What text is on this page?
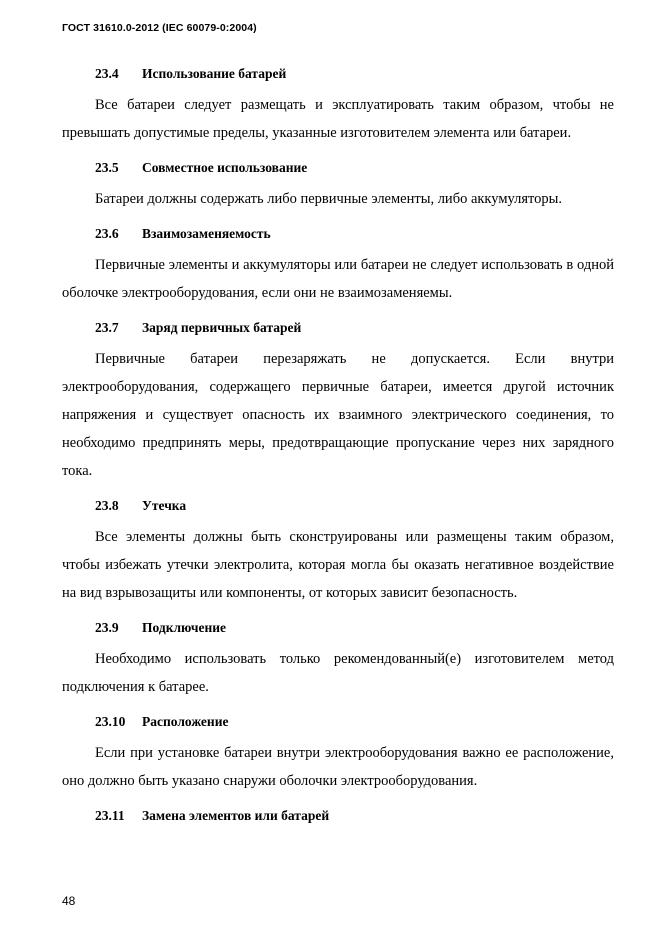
ГОСТ 31610.0-2012 (IEC 60079-0:2004)
23.4 Использование батарей

Все батареи следует размещать и эксплуатировать таким образом, чтобы не превышать допустимые пределы, указанные изготовителем элемента или батареи.

23.5 Совместное использование

Батареи должны содержать либо первичные элементы, либо аккумуляторы.

23.6 Взаимозаменяемость

Первичные элементы и аккумуляторы или батареи не следует использовать в одной оболочке электрооборудования, если они не взаимозаменяемы.

23.7 Заряд первичных батарей

Первичные батареи перезаряжать не допускается. Если внутри электрооборудования, содержащего первичные батареи, имеется другой источник напряжения и существует опасность их взаимного электрического соединения, то необходимо предпринять меры, предотвращающие пропускание через них зарядного тока.

23.8 Утечка

Все элементы должны быть сконструированы или размещены таким образом, чтобы избежать утечки электролита, которая могла бы оказать негативное воздействие на вид взрывозащиты или компоненты, от которых зависит безопасность.

23.9 Подключение

Необходимо использовать только рекомендованный(е) изготовителем метод подключения к батарее.

23.10 Расположение

Если при установке батареи внутри электрооборудования важно ее расположение, оно должно быть указано снаружи оболочки электрооборудования.

23.11 Замена элементов или батарей
48
